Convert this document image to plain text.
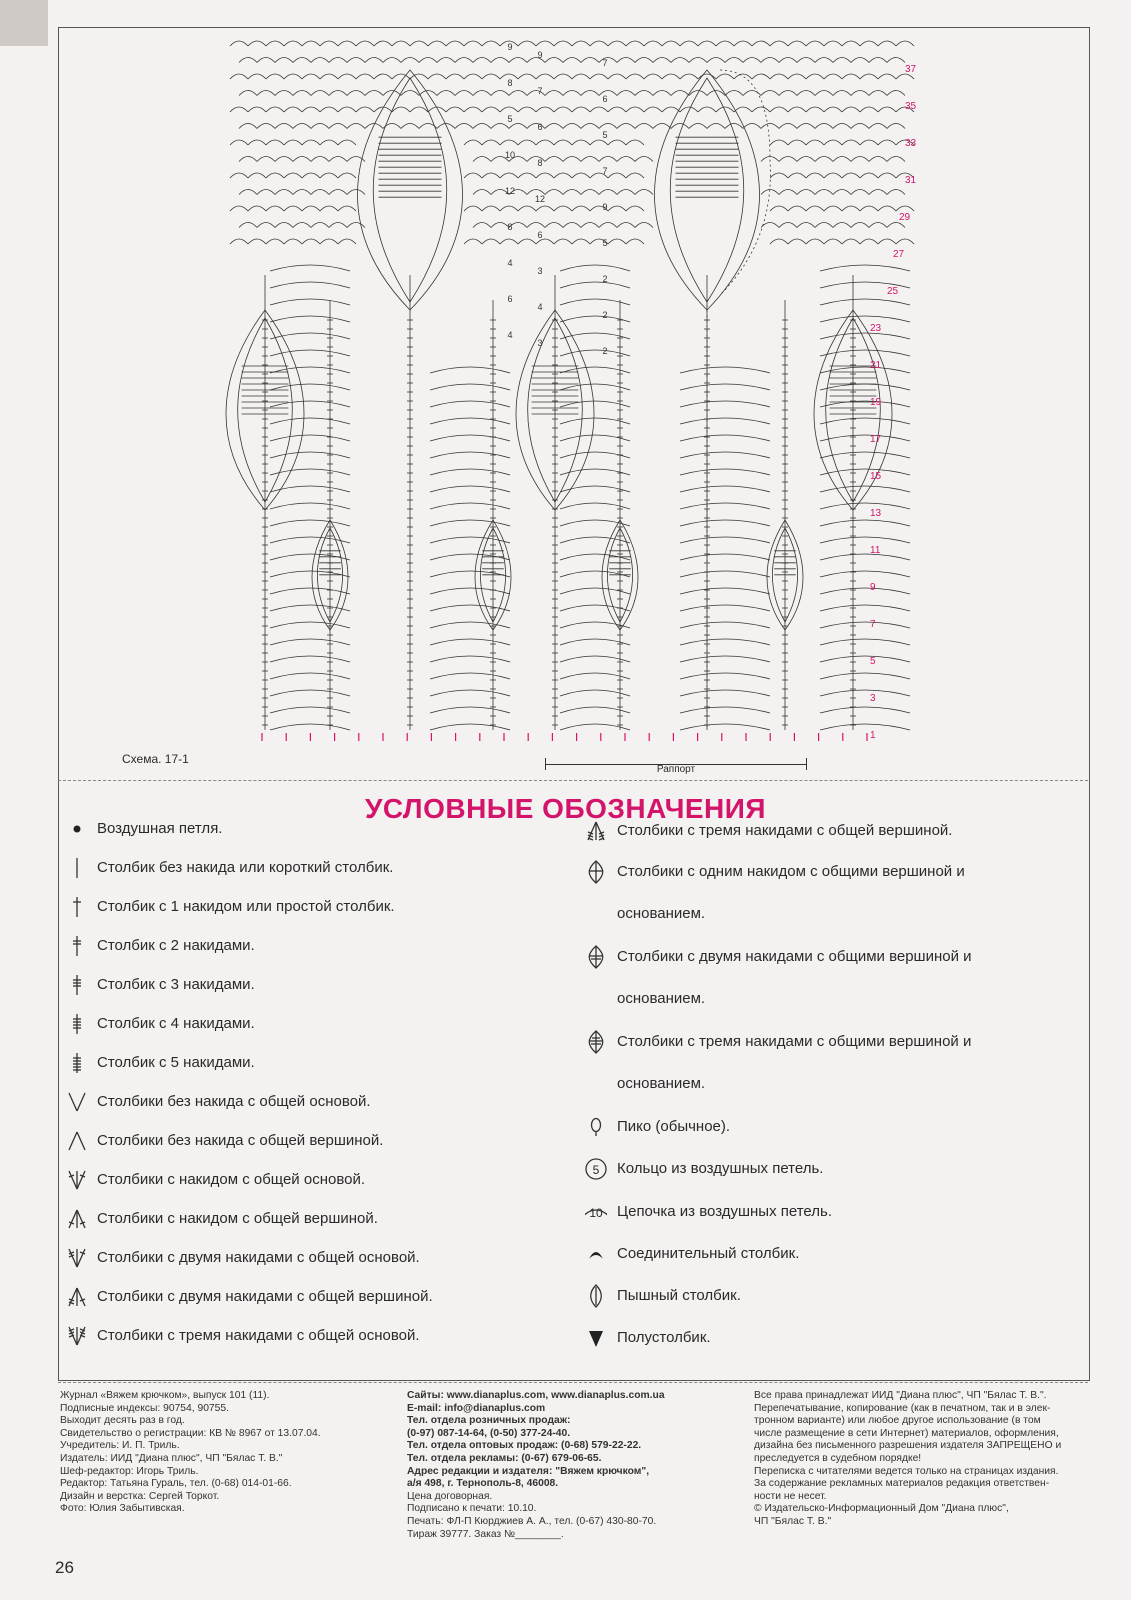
9
9
7
8
7
6
5
6
5
10
8
7
12
12
9
8
6
5
4
3
2
6
4
2
4
3
2
37
35
33
31
29
27
25
23
21
19
17
15
13
11
9
7
5
3
1
Схема. 17-1
Раппорт
УСЛОВНЫЕ ОБОЗНАЧЕНИЯ
Воздушная петля.
Столбик без накида или короткий столбик.
Столбик с 1 накидом или простой столбик.
Столбик с 2 накидами.
Столбик с 3 накидами.
Столбик с 4 накидами.
Столбик с 5 накидами.
Столбики без накида с общей основой.
Столбики без накида с общей вершиной.
Столбики с накидом с общей основой.
Столбики с накидом с общей вершиной.
Столбики с двумя накидами с общей основой.
Столбики с двумя накидами с общей вершиной.
Столбики с тремя накидами с общей основой.
Столбики с тремя накидами с общей вершиной.
Столбики с одним накидом с общими вершиной и
основанием.
Столбики с двумя накидами с общими вершиной и
основанием.
Столбики с тремя накидами с общими вершиной и
основанием.
Пико (обычное).
5	Кольцо из воздушных петель.
10 Цепочка из воздушных петель.
Соединительный столбик.
Пышный столбик.
Полустолбик.
Журнал «Вяжем крючком», выпуск 101 (11).
Подписные индексы: 90754, 90755.
Выходит десять раз в год.
Свидетельство о регистрации: КВ № 8967 от 13.07.04.
Учредитель: И. П. Триль.
Издатель: ИИД "Диана плюс", ЧП "Бялас Т. В."
Шеф-редактор: Игорь Триль.
Редактор: Татьяна Гураль, тел. (0-68) 014-01-66.
Дизайн и верстка: Сергей Торкот.
Фото: Юлия Забытивская.
Сайты: www.dianaplus.com, www.dianaplus.com.ua
E-mail: info@dianaplus.com
Тел. отдела розничных продаж:
(0-97) 087-14-64, (0-50) 377-24-40.
Тел. отдела оптовых продаж: (0-68) 579-22-22.
Тел. отдела рекламы: (0-67) 679-06-65.
Адрес редакции и издателя: "Вяжем крючком",
а/я 498, г. Тернополь-8, 46008.
Цена договорная.
Подписано к печати: 10.10.
Печать: ФЛ-П Кюрджиев А. А., тел. (0-67) 430-80-70.
Тираж 39777. Заказ №________.
Все права принадлежат ИИД "Диана плюс", ЧП "Бялас Т. В.".
Перепечатывание, копирование (как в печатном, так и в элек-
тронном варианте) или любое другое использование (в том
числе размещение в сети Интернет) материалов, оформления,
дизайна без письменного разрешения издателя ЗАПРЕЩЕНО и
преследуется в судебном порядке!
Переписка с читателями ведется только на страницах издания.
За содержание рекламных материалов редакция ответствен-
ности не несет.
© Издательско-Информационный Дом "Диана плюс",
ЧП "Бялас Т. В."
26
